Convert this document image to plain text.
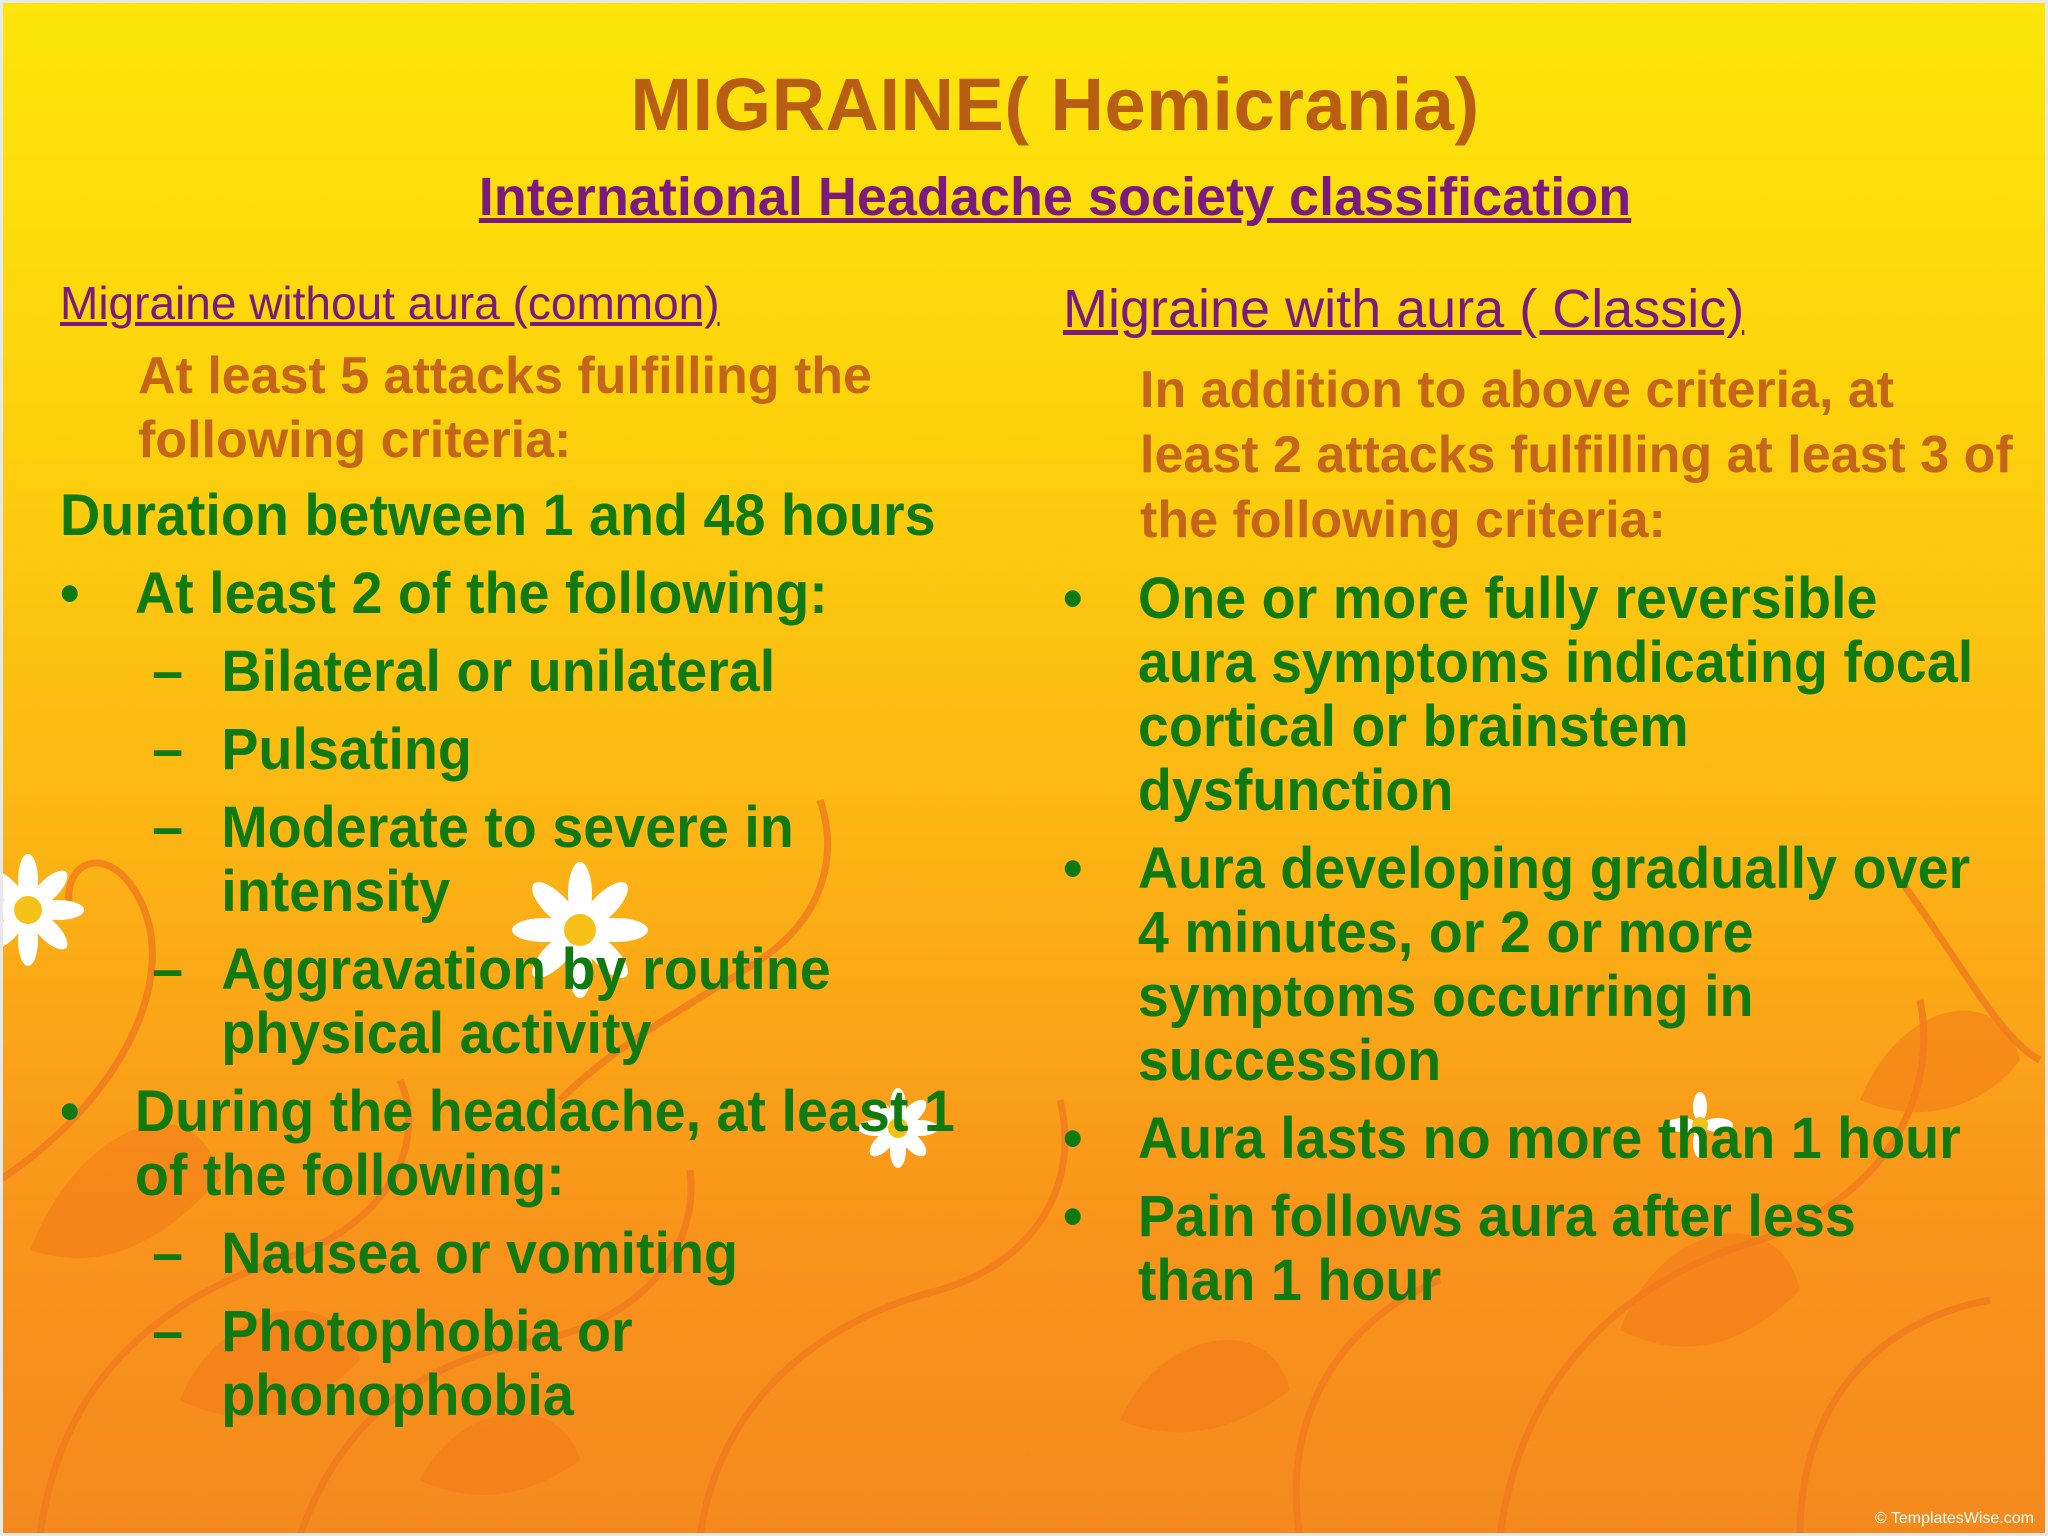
MIGRAINE( Hemicrania)
International Headache society classification
Migraine without aura (common)
At least 5 attacks fulfilling the following criteria:
Duration between 1 and 48 hours
• At least 2 of the following:
– Bilateral or unilateral
– Pulsating
– Moderate to severe in intensity
– Aggravation by routine physical activity
• During the headache, at least 1 of the following:
– Nausea or vomiting
– Photophobia or phonophobia
Migraine with aura ( Classic)
In addition to above criteria, at least 2 attacks fulfilling at least 3 of the following criteria:
• One or more fully reversible aura symptoms indicating focal cortical or brainstem dysfunction
• Aura developing gradually over 4 minutes, or 2 or more symptoms occurring in succession
• Aura lasts no more than 1 hour
• Pain follows aura after less than 1 hour
© TemplatesWise.com
